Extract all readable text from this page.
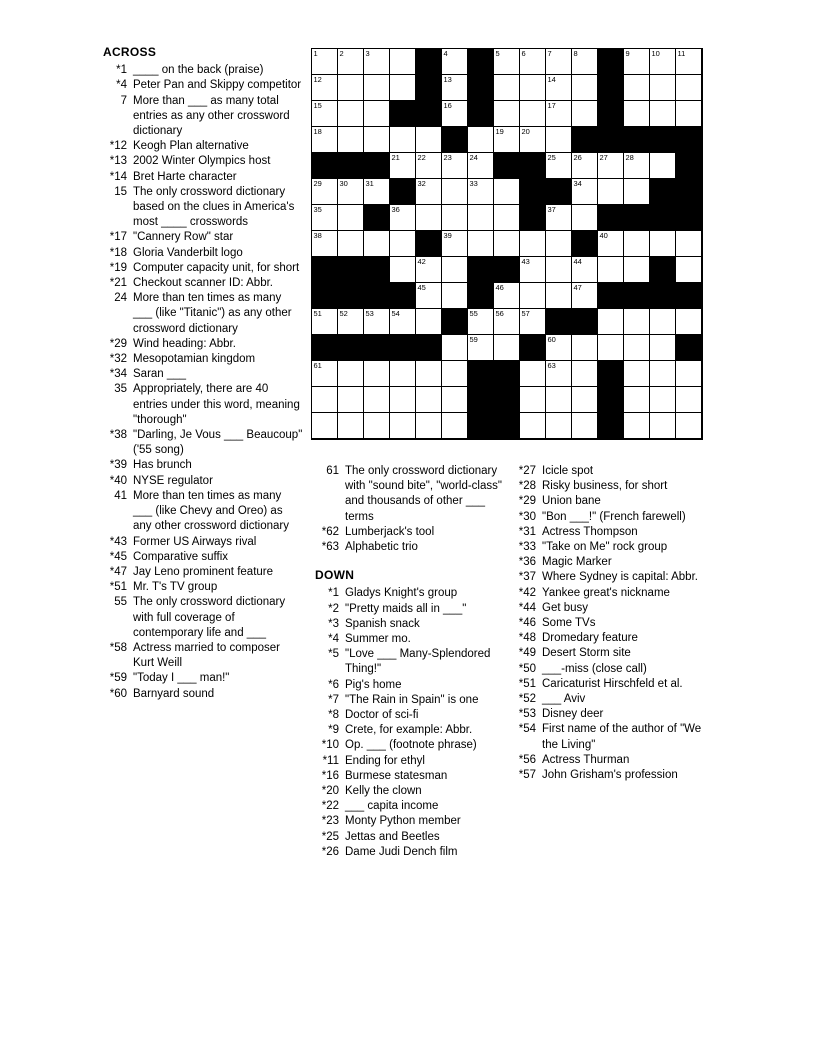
ACROSS
*1 ____ on the back (praise)
*4 Peter Pan and Skippy competitor
7 More than ___ as many total entries as any other crossword dictionary
*12 Keogh Plan alternative
*13 2002 Winter Olympics host
*14 Bret Harte character
15 The only crossword dictionary based on the clues in America's most ____ crosswords
*17 "Cannery Row" star
*18 Gloria Vanderbilt logo
*19 Computer capacity unit, for short
*21 Checkout scanner ID: Abbr.
24 More than ten times as many ___ (like "Titanic") as any other crossword dictionary
*29 Wind heading: Abbr.
*32 Mesopotamian kingdom
*34 Saran ___
35 Appropriately, there are 40 entries under this word, meaning "thorough"
*38 "Darling, Je Vous ___ Beaucoup" ('55 song)
*39 Has brunch
*40 NYSE regulator
41 More than ten times as many ___ (like Chevy and Oreo) as any other crossword dictionary
*43 Former US Airways rival
*45 Comparative suffix
*47 Jay Leno prominent feature
*51 Mr. T's TV group
55 The only crossword dictionary with full coverage of contemporary life and ___
*58 Actress married to composer Kurt Weill
*59 "Today I ___ man!"
*60 Barnyard sound
61 The only crossword dictionary with "sound bite", "world-class" and thousands of other ___ terms
*62 Lumberjack's tool
*63 Alphabetic trio
DOWN
*1 Gladys Knight's group
*2 "Pretty maids all in ___"
*3 Spanish snack
*4 Summer mo.
*5 "Love ___ Many-Splendored Thing!"
*6 Pig's home
*7 "The Rain in Spain" is one
*8 Doctor of sci-fi
*9 Crete, for example: Abbr.
*10 Op. ___ (footnote phrase)
*11 Ending for ethyl
*16 Burmese statesman
*20 Kelly the clown
*22 ___ capita income
*23 Monty Python member
*25 Jettas and Beetles
*26 Dame Judi Dench film
*27 Icicle spot
*28 Risky business, for short
*29 Union bane
*30 "Bon ___!" (French farewell)
*31 Actress Thompson
*33 "Take on Me" rock group
*36 Magic Marker
*37 Where Sydney is capital: Abbr.
*42 Yankee great's nickname
*44 Get busy
*46 Some TVs
*48 Dromedary feature
*49 Desert Storm site
*50 ___-miss (close call)
*51 Caricaturist Hirschfeld et al.
*52 ___ Aviv
*53 Disney deer
*54 First name of the author of "We the Living"
*56 Actress Thurman
*57 John Grisham's profession
1	2	3	4	5	6	7	8	9	10 11
12	13	14
15	16	17
18	19 20
21 22 23 24	25 26 27 28
29 30 31	32	33	34
35	36	37
38	39	40
42	43	44
45	46	47
51 52 53 54	55 56 57
59	60
61	63
